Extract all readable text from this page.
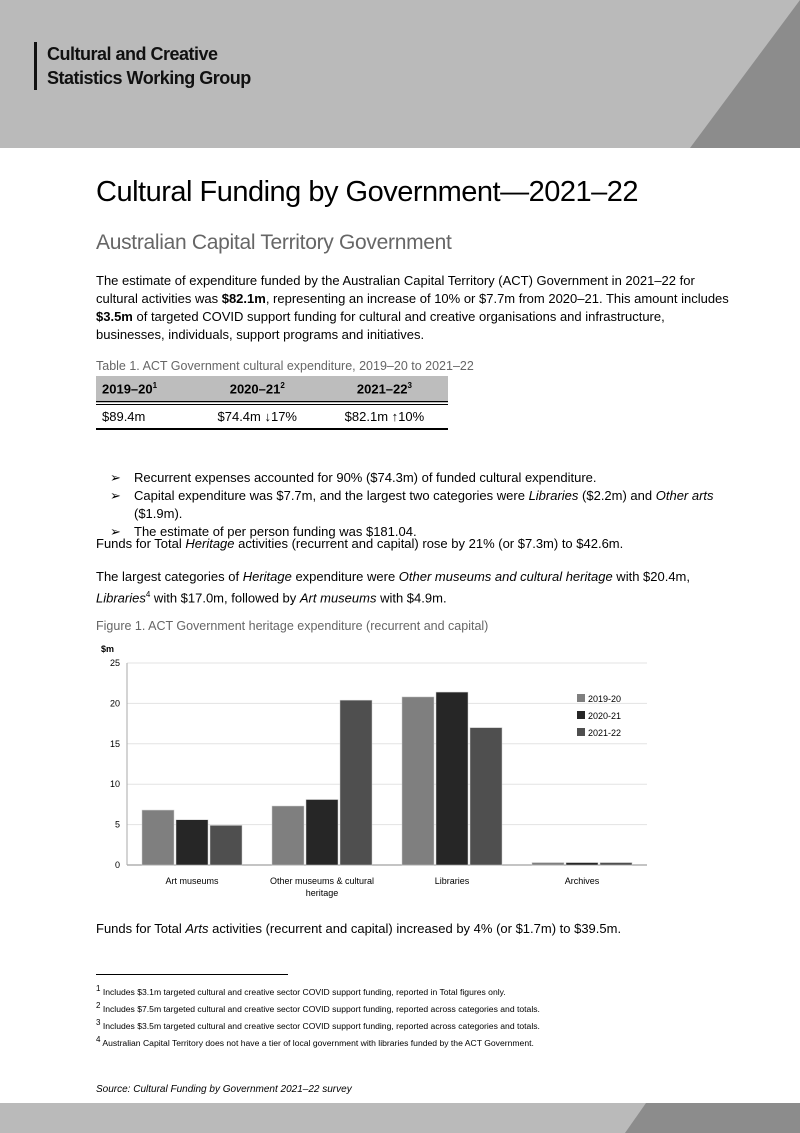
Cultural and Creative
Statistics Working Group
Cultural Funding by Government—2021–22
Australian Capital Territory Government

The estimate of expenditure funded by the Australian Capital Territory (ACT) Government in 2021–22 for cultural activities was $82.1m, representing an increase of 10% or $7.7m from 2020–21. This amount includes $3.5m of targeted COVID support funding for cultural and creative organisations and infrastructure, businesses, individuals, support programs and initiatives.

Table 1. ACT Government cultural expenditure, 2019–20 to 2021–22
$2019-20^1$	$2020-21^2$	$2021-22^3$
$89.4m	$74.4m ↓17%	$82.1m ↑10%
➢ Recurrent expenses accounted for 90% ($74.3m) of funded cultural expenditure.
➢ Capital expenditure was $7.7m, and the largest two categories were Libraries ($2.2m) and Other arts ($1.9m).
➢ The estimate of per person funding was $181.04.

Funds for Total Heritage activities (recurrent and capital) rose by 21% (or $7.3m) to $42.6m.

The largest categories of Heritage expenditure were Other museums and cultural heritage with $20.4m, Libraries$^4$ with $17.0m, followed by Art museums with $4.9m.

Figure 1. ACT Government heritage expenditure (recurrent and capital)
$m
0
5
10
15
20
25
Art museums	Other museums & cultural
heritage
Libraries	Archives
2019-20
2020-21
2021-22

Funds for Total Arts activities (recurrent and capital) increased by 4% (or $1.7m) to $39.5m.

$^1$ Includes $3.1m targeted cultural and creative sector COVID support funding, reported in Total figures only.
$^2$ Includes $7.5m targeted cultural and creative sector COVID support funding, reported across categories and totals.
$^3$ Includes $3.5m targeted cultural and creative sector COVID support funding, reported across categories and totals.
$^4$ Australian Capital Territory does not have a tier of local government with libraries funded by the ACT Government.
Source: Cultural Funding by Government 2021–22 survey
